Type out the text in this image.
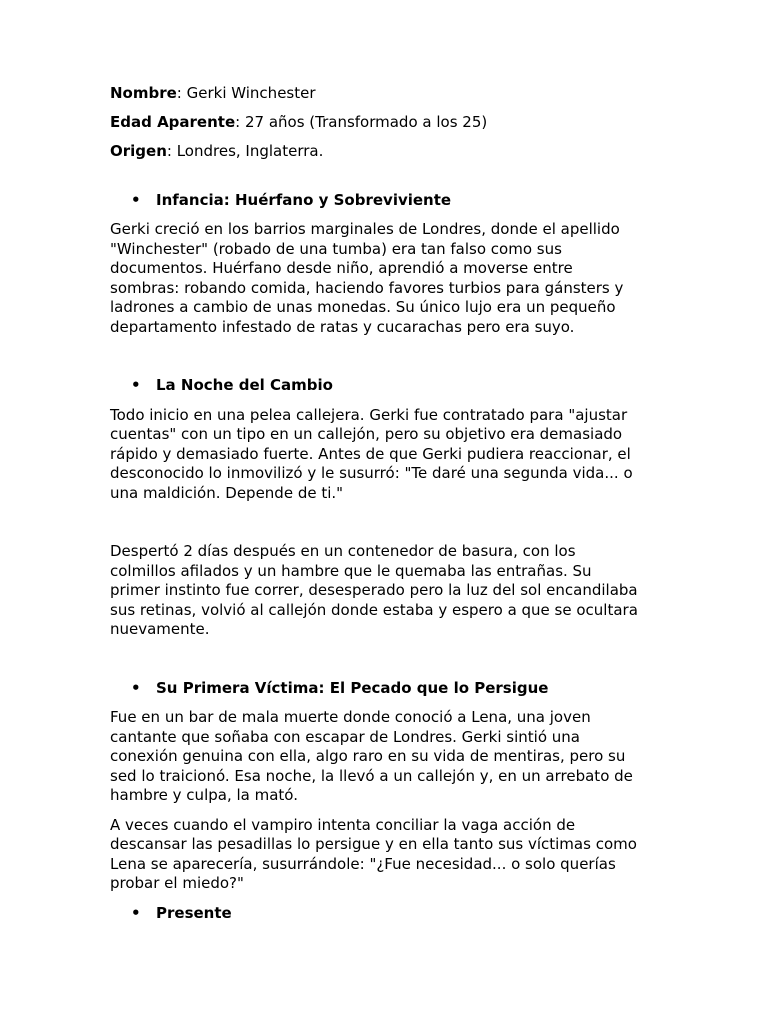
Nombre: Gerki Winchester

Edad Aparente: 27 años (Transformado a los 25)

Origen: Londres, Inglaterra.

• Infancia: Huérfano y Sobreviviente
Gerki creció en los barrios marginales de Londres, donde el apellido
"Winchester" (robado de una tumba) era tan falso como sus
documentos. Huérfano desde niño, aprendió a moverse entre
sombras: robando comida, haciendo favores turbios para gánsters y
ladrones a cambio de unas monedas. Su único lujo era un pequeño
departamento infestado de ratas y cucarachas pero era suyo.
• La Noche del Cambio
Todo inicio en una pelea callejera. Gerki fue contratado para "ajustar
cuentas" con un tipo en un callejón, pero su objetivo era demasiado
rápido y demasiado fuerte. Antes de que Gerki pudiera reaccionar, el
desconocido lo inmovilizó y le susurró: "Te daré una segunda vida... o
una maldición. Depende de ti."
Despertó 2 días después en un contenedor de basura, con los
colmillos afilados y un hambre que le quemaba las entrañas. Su
primer instinto fue correr, desesperado pero la luz del sol encandilaba
sus retinas, volvió al callejón donde estaba y espero a que se ocultara
nuevamente.
• Su Primera Víctima: El Pecado que lo Persigue
Fue en un bar de mala muerte donde conoció a Lena, una joven
cantante que soñaba con escapar de Londres. Gerki sintió una
conexión genuina con ella, algo raro en su vida de mentiras, pero su
sed lo traicionó. Esa noche, la llevó a un callejón y, en un arrebato de
hambre y culpa, la mató.
A veces cuando el vampiro intenta conciliar la vaga acción de
descansar las pesadillas lo persigue y en ella tanto sus víctimas como
Lena se aparecería, susurrándole: "¿Fue necesidad... o solo querías
probar el miedo?"
• Presente
